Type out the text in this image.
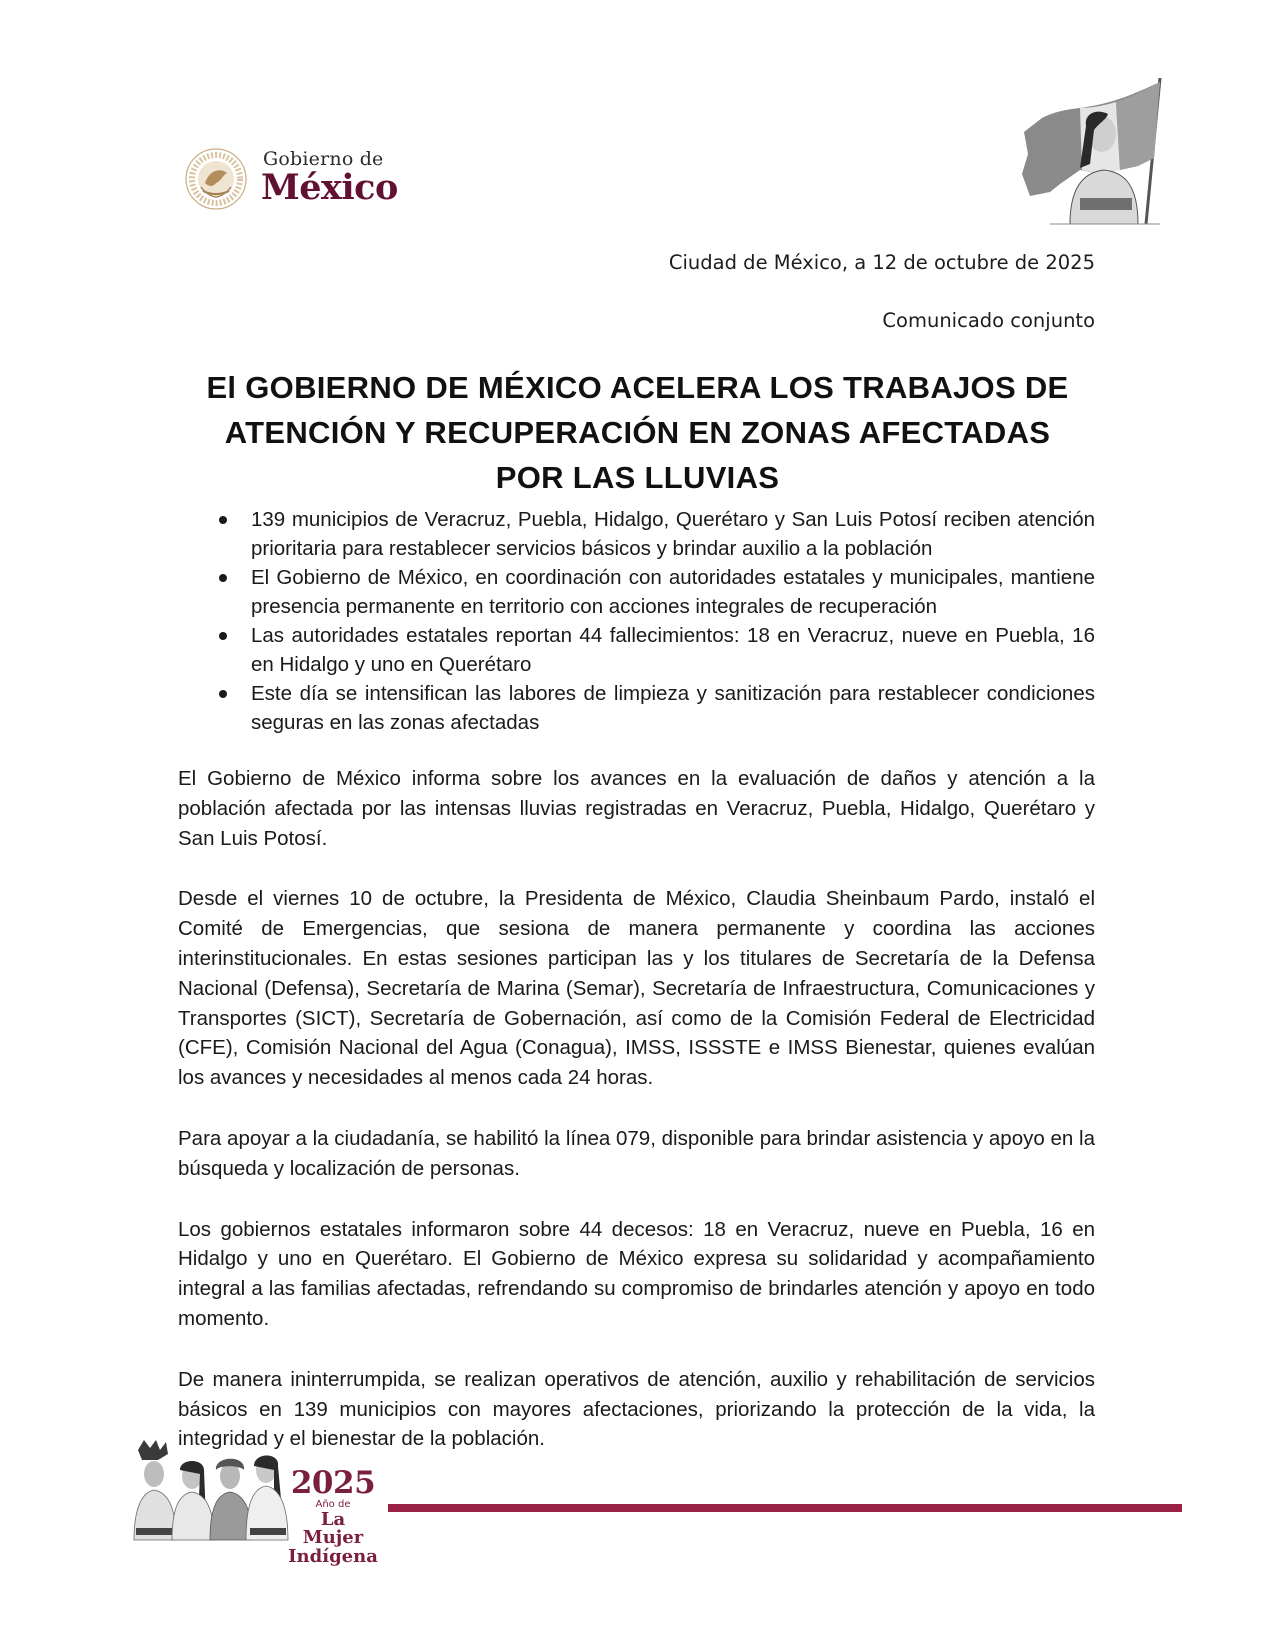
Gobierno de
México
Ciudad de México, a 12 de octubre de 2025
Comunicado conjunto
El GOBIERNO DE MÉXICO ACELERA LOS TRABAJOS DE
ATENCIÓN Y RECUPERACIÓN EN ZONAS AFECTADAS
POR LAS LLUVIAS
139 municipios de Veracruz, Puebla, Hidalgo, Querétaro y San Luis Potosí reciben atención prioritaria para restablecer servicios básicos y brindar auxilio a la población
El Gobierno de México, en coordinación con autoridades estatales y municipales, mantiene presencia permanente en territorio con acciones integrales de recuperación
Las autoridades estatales reportan 44 fallecimientos: 18 en Veracruz, nueve en Puebla, 16 en Hidalgo y uno en Querétaro
Este día se intensifican las labores de limpieza y sanitización para restablecer condiciones seguras en las zonas afectadas

El Gobierno de México informa sobre los avances en la evaluación de daños y atención a la población afectada por las intensas lluvias registradas en Veracruz, Puebla, Hidalgo, Querétaro y San Luis Potosí.

Desde el viernes 10 de octubre, la Presidenta de México, Claudia Sheinbaum Pardo, instaló el Comité de Emergencias, que sesiona de manera permanente y coordina las acciones interinstitucionales. En estas sesiones participan las y los titulares de Secretaría de la Defensa Nacional (Defensa), Secretaría de Marina (Semar), Secretaría de Infraestructura, Comunicaciones y Transportes (SICT), Secretaría de Gobernación, así como de la Comisión Federal de Electricidad (CFE), Comisión Nacional del Agua (Conagua), IMSS, ISSSTE e IMSS Bienestar, quienes evalúan los avances y necesidades al menos cada 24 horas.

Para apoyar a la ciudadanía, se habilitó la línea 079, disponible para brindar asistencia y apoyo en la búsqueda y localización de personas.

Los gobiernos estatales informaron sobre 44 decesos: 18 en Veracruz, nueve en Puebla, 16 en Hidalgo y uno en Querétaro. El Gobierno de México expresa su solidaridad y acompañamiento integral a las familias afectadas, refrendando su compromiso de brindarles atención y apoyo en todo momento.

De manera ininterrumpida, se realizan operativos de atención, auxilio y rehabilitación de servicios básicos en 139 municipios con mayores afectaciones, priorizando la protección de la vida, la integridad y el bienestar de la población.

2025
Año de
La Mujer
Indígena
